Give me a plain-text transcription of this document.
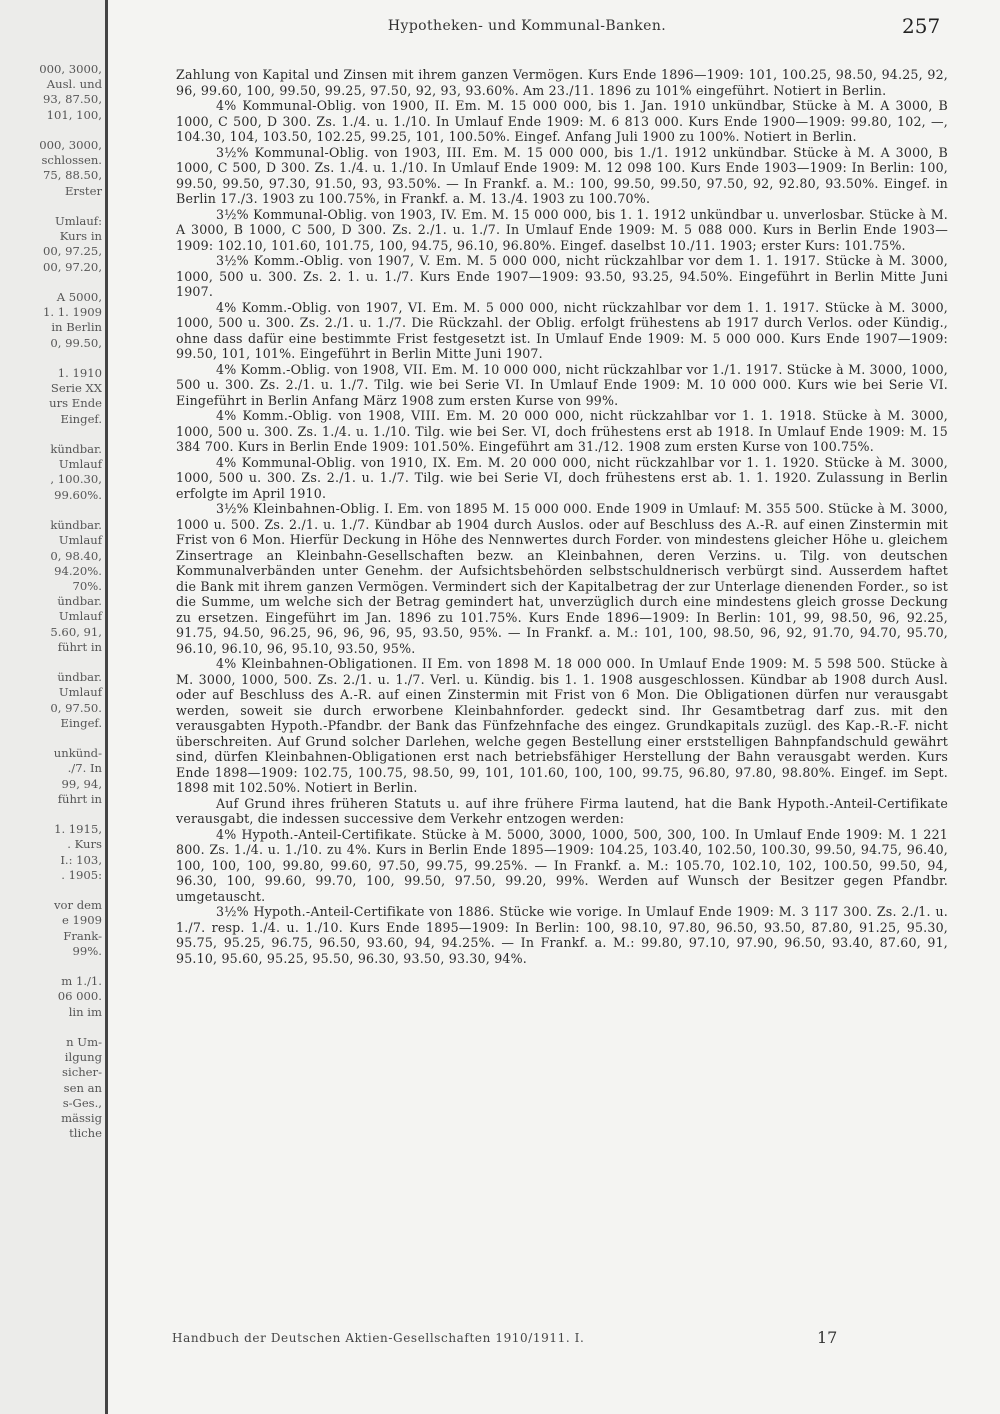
000, 3000,
Ausl. und
93, 87.50,
101, 100,

000, 3000,
schlossen.
75, 88.50,
Erster

Umlauf:
Kurs in
00, 97.25,
00, 97.20,

A 5000,
1. 1. 1909
in Berlin
0, 99.50,

1. 1910
Serie XX
urs Ende
Eingef.

kündbar.
Umlauf
, 100.30,
99.60%.

kündbar.
Umlauf
0, 98.40,
94.20%.
70%.
ündbar.
Umlauf
5.60, 91,
führt in

ündbar.
Umlauf
0, 97.50.
Eingef.

unkünd-
./7. In
99, 94,
führt in

1. 1915,
. Kurs
I.: 103,
. 1905:

vor dem
e 1909
Frank-
99%.

m 1./1.
06 000.
lin im

n Um-
ilgung
sicher-
sen an
s-Ges.,
mässig
tliche
Hypotheken- und Kommunal-Banken.	257

Zahlung von Kapital und Zinsen mit ihrem ganzen Vermögen. Kurs Ende 1896—1909: 101, 100.25, 98.50, 94.25, 92, 96, 99.60, 100, 99.50, 99.25, 97.50, 92, 93, 93.60%. Am 23./11. 1896 zu 101% eingeführt. Notiert in Berlin.

4% Kommunal-Oblig. von 1900, II. Em. M. 15 000 000, bis 1. Jan. 1910 unkündbar, Stücke à M. A 3000, B 1000, C 500, D 300. Zs. 1./4. u. 1./10. In Umlauf Ende 1909: M. 6 813 000. Kurs Ende 1900—1909: 99.80, 102, —, 104.30, 104, 103.50, 102.25, 99.25, 101, 100.50%. Eingef. Anfang Juli 1900 zu 100%. Notiert in Berlin.

3½% Kommunal-Oblig. von 1903, III. Em. M. 15 000 000, bis 1./1. 1912 unkündbar. Stücke à M. A 3000, B 1000, C 500, D 300. Zs. 1./4. u. 1./10. In Umlauf Ende 1909: M. 12 098 100. Kurs Ende 1903—1909: In Berlin: 100, 99.50, 99.50, 97.30, 91.50, 93, 93.50%. — In Frankf. a. M.: 100, 99.50, 99.50, 97.50, 92, 92.80, 93.50%. Eingef. in Berlin 17./3. 1903 zu 100.75%, in Frankf. a. M. 13./4. 1903 zu 100.70%.

3½% Kommunal-Oblig. von 1903, IV. Em. M. 15 000 000, bis 1. 1. 1912 unkündbar u. unverlosbar. Stücke à M. A 3000, B 1000, C 500, D 300. Zs. 2./1. u. 1./7. In Umlauf Ende 1909: M. 5 088 000. Kurs in Berlin Ende 1903—1909: 102.10, 101.60, 101.75, 100, 94.75, 96.10, 96.80%. Eingef. daselbst 10./11. 1903; erster Kurs: 101.75%.

3½% Komm.-Oblig. von 1907, V. Em. M. 5 000 000, nicht rückzahlbar vor dem 1. 1. 1917. Stücke à M. 3000, 1000, 500 u. 300. Zs. 2. 1. u. 1./7. Kurs Ende 1907—1909: 93.50, 93.25, 94.50%. Eingeführt in Berlin Mitte Juni 1907.

4% Komm.-Oblig. von 1907, VI. Em. M. 5 000 000, nicht rückzahlbar vor dem 1. 1. 1917. Stücke à M. 3000, 1000, 500 u. 300. Zs. 2./1. u. 1./7. Die Rückzahl. der Oblig. erfolgt frühestens ab 1917 durch Verlos. oder Kündig., ohne dass dafür eine bestimmte Frist festgesetzt ist. In Umlauf Ende 1909: M. 5 000 000. Kurs Ende 1907—1909: 99.50, 101, 101%. Eingeführt in Berlin Mitte Juni 1907.

4% Komm.-Oblig. von 1908, VII. Em. M. 10 000 000, nicht rückzahlbar vor 1./1. 1917. Stücke à M. 3000, 1000, 500 u. 300. Zs. 2./1. u. 1./7. Tilg. wie bei Serie VI. In Umlauf Ende 1909: M. 10 000 000. Kurs wie bei Serie VI. Eingeführt in Berlin Anfang März 1908 zum ersten Kurse von 99%.

4% Komm.-Oblig. von 1908, VIII. Em. M. 20 000 000, nicht rückzahlbar vor 1. 1. 1918. Stücke à M. 3000, 1000, 500 u. 300. Zs. 1./4. u. 1./10. Tilg. wie bei Ser. VI, doch frühestens erst ab 1918. In Umlauf Ende 1909: M. 15 384 700. Kurs in Berlin Ende 1909: 101.50%. Eingeführt am 31./12. 1908 zum ersten Kurse von 100.75%.

4% Kommunal-Oblig. von 1910, IX. Em. M. 20 000 000, nicht rückzahlbar vor 1. 1. 1920. Stücke à M. 3000, 1000, 500 u. 300. Zs. 2./1. u. 1./7. Tilg. wie bei Serie VI, doch frühestens erst ab. 1. 1. 1920. Zulassung in Berlin erfolgte im April 1910.

3½% Kleinbahnen-Oblig. I. Em. von 1895 M. 15 000 000. Ende 1909 in Umlauf: M. 355 500. Stücke à M. 3000, 1000 u. 500. Zs. 2./1. u. 1./7. Kündbar ab 1904 durch Auslos. oder auf Beschluss des A.-R. auf einen Zinstermin mit Frist von 6 Mon. Hierfür Deckung in Höhe des Nennwertes durch Forder. von mindestens gleicher Höhe u. gleichem Zinsertrage an Kleinbahn-Gesellschaften bezw. an Kleinbahnen, deren Verzins. u. Tilg. von deutschen Kommunalverbänden unter Genehm. der Aufsichtsbehörden selbstschuldnerisch verbürgt sind. Ausserdem haftet die Bank mit ihrem ganzen Vermögen. Vermindert sich der Kapitalbetrag der zur Unterlage dienenden Forder., so ist die Summe, um welche sich der Betrag gemindert hat, unverzüglich durch eine mindestens gleich grosse Deckung zu ersetzen. Eingeführt im Jan. 1896 zu 101.75%. Kurs Ende 1896—1909: In Berlin: 101, 99, 98.50, 96, 92.25, 91.75, 94.50, 96.25, 96, 96, 96, 95, 93.50, 95%. — In Frankf. a. M.: 101, 100, 98.50, 96, 92, 91.70, 94.70, 95.70, 96.10, 96.10, 96, 95.10, 93.50, 95%.

4% Kleinbahnen-Obligationen. II Em. von 1898 M. 18 000 000. In Umlauf Ende 1909: M. 5 598 500. Stücke à M. 3000, 1000, 500. Zs. 2./1. u. 1./7. Verl. u. Kündig. bis 1. 1. 1908 ausgeschlossen. Kündbar ab 1908 durch Ausl. oder auf Beschluss des A.-R. auf einen Zinstermin mit Frist von 6 Mon. Die Obligationen dürfen nur verausgabt werden, soweit sie durch erworbene Kleinbahnforder. gedeckt sind. Ihr Gesamtbetrag darf zus. mit den verausgabten Hypoth.-Pfandbr. der Bank das Fünfzehnfache des eingez. Grundkapitals zuzügl. des Kap.-R.-F. nicht überschreiten. Auf Grund solcher Darlehen, welche gegen Bestellung einer erststelligen Bahnpfandschuld gewährt sind, dürfen Kleinbahnen-Obligationen erst nach betriebsfähiger Herstellung der Bahn verausgabt werden. Kurs Ende 1898—1909: 102.75, 100.75, 98.50, 99, 101, 101.60, 100, 100, 99.75, 96.80, 97.80, 98.80%. Eingef. im Sept. 1898 mit 102.50%. Notiert in Berlin.

Auf Grund ihres früheren Statuts u. auf ihre frühere Firma lautend, hat die Bank Hypoth.-Anteil-Certifikate verausgabt, die indessen successive dem Verkehr entzogen werden:

4% Hypoth.-Anteil-Certifikate. Stücke à M. 5000, 3000, 1000, 500, 300, 100. In Umlauf Ende 1909: M. 1 221 800. Zs. 1./4. u. 1./10. zu 4%. Kurs in Berlin Ende 1895—1909: 104.25, 103.40, 102.50, 100.30, 99.50, 94.75, 96.40, 100, 100, 100, 99.80, 99.60, 97.50, 99.75, 99.25%. — In Frankf. a. M.: 105.70, 102.10, 102, 100.50, 99.50, 94, 96.30, 100, 99.60, 99.70, 100, 99.50, 97.50, 99.20, 99%. Werden auf Wunsch der Besitzer gegen Pfandbr. umgetauscht.

3½% Hypoth.-Anteil-Certifikate von 1886. Stücke wie vorige. In Umlauf Ende 1909: M. 3 117 300. Zs. 2./1. u. 1./7. resp. 1./4. u. 1./10. Kurs Ende 1895—1909: In Berlin: 100, 98.10, 97.80, 96.50, 93.50, 87.80, 91.25, 95.30, 95.75, 95.25, 96.75, 96.50, 93.60, 94, 94.25%. — In Frankf. a. M.: 99.80, 97.10, 97.90, 96.50, 93.40, 87.60, 91, 95.10, 95.60, 95.25, 95.50, 96.30, 93.50, 93.30, 94%.

Handbuch der Deutschen Aktien-Gesellschaften 1910/1911. I.	17
